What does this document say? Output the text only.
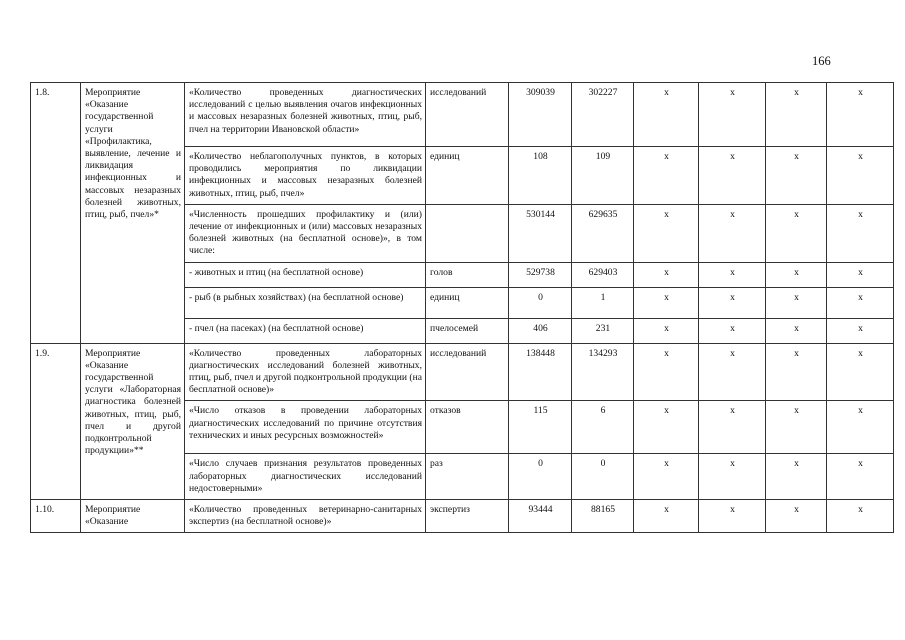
166
1.8.	Мероприятие «Оказание государственной услуги «Профилактика, выявление, лечение и ликвидация инфекционных и массовых незаразных болезней животных, птиц, рыб, пчел»*	«Количество проведенных диагностических исследований с целью выявления очагов инфекционных и массовых незаразных болезней животных, птиц, рыб, пчел на территории Ивановской области»	исследований	309039	302227	x	x	x	x
		«Количество неблагополучных пунктов, в которых проводились мероприятия по ликвидации инфекционных и массовых незаразных болезней животных, птиц, рыб, пчел»	единиц	108	109	x	x	x	x
		«Численность прошедших профилактику и (или) лечение от инфекционных и (или) массовых незаразных болезней животных (на бесплатной основе)», в том числе:		530144	629635	x	x	x	x
		- животных и птиц (на бесплатной основе)	голов	529738	629403	x	x	x	x
		- рыб (в рыбных хозяйствах) (на бесплатной основе)	единиц	0	1	x	x	x	x
		- пчел (на пасеках) (на бесплатной основе)	пчелосемей	406	231	x	x	x	x
1.9.	Мероприятие «Оказание государственной услуги «Лабораторная диагностика болезней животных, птиц, рыб, пчел и другой подконтрольной продукции»**	«Количество проведенных лабораторных диагностических исследований болезней животных, птиц, рыб, пчел и другой подконтрольной продукции (на бесплатной основе)»	исследований	138448	134293	x	x	x	x
		«Число отказов в проведении лабораторных диагностических исследований по причине отсутствия технических и иных ресурсных возможностей»	отказов	115	6	x	x	x	x
		«Число случаев признания результатов проведенных лабораторных диагностических исследований недостоверными»	раз	0	0	x	x	x	x
1.10.	Мероприятие «Оказание	«Количество проведенных ветеринарно-санитарных экспертиз (на бесплатной основе)»	экспертиз	93444	88165	x	x	x	x
